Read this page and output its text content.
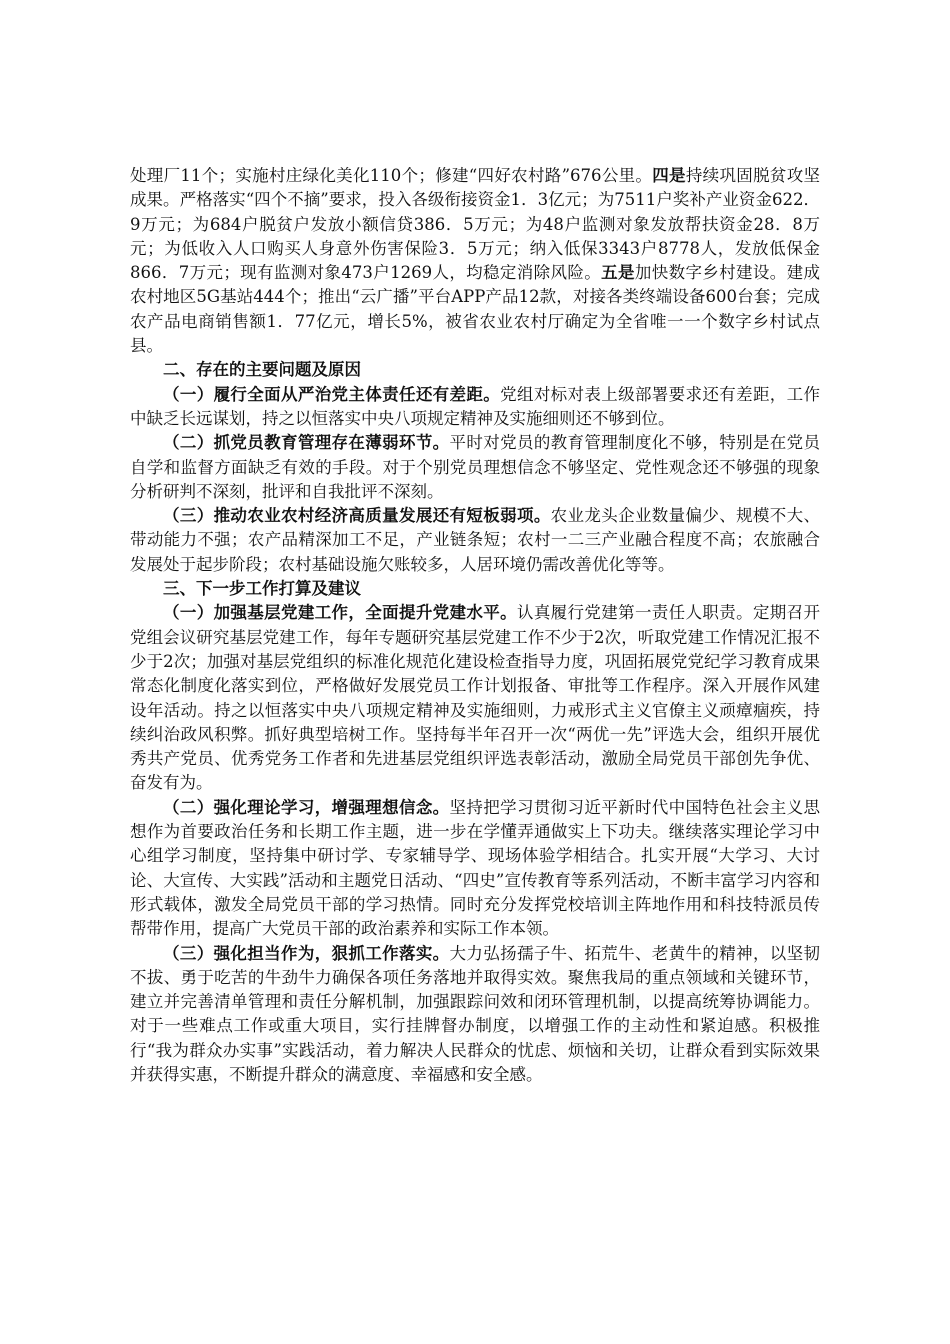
处理厂11个；实施村庄绿化美化110个；修建“四好农村路”676公里。四是持续巩固脱贫攻坚成果。严格落实“四个不摘”要求，投入各级衔接资金1．3亿元；为7511户奖补产业资金622．9万元；为684户脱贫户发放小额信贷386．5万元；为48户监测对象发放帮扶资金28．8万元；为低收入人口购买人身意外伤害保险3．5万元；纳入低保3343户8778人，发放低保金866．7万元；现有监测对象473户1269人，均稳定消除风险。五是加快数字乡村建设。建成农村地区5G基站444个；推出“云广播”平台APP产品12款，对接各类终端设备600台套；完成农产品电商销售额1．77亿元，增长5%，被省农业农村厅确定为全省唯一一个数字乡村试点县。

二、存在的主要问题及原因

（一）履行全面从严治党主体责任还有差距。党组对标对表上级部署要求还有差距，工作中缺乏长远谋划，持之以恒落实中央八项规定精神及实施细则还不够到位。

（二）抓党员教育管理存在薄弱环节。平时对党员的教育管理制度化不够，特别是在党员自学和监督方面缺乏有效的手段。对于个别党员理想信念不够坚定、党性观念还不够强的现象分析研判不深刻，批评和自我批评不深刻。

（三）推动农业农村经济高质量发展还有短板弱项。农业龙头企业数量偏少、规模不大、带动能力不强；农产品精深加工不足，产业链条短；农村一二三产业融合程度不高；农旅融合发展处于起步阶段；农村基础设施欠账较多，人居环境仍需改善优化等等。

三、下一步工作打算及建议

（一）加强基层党建工作，全面提升党建水平。认真履行党建第一责任人职责。定期召开党组会议研究基层党建工作，每年专题研究基层党建工作不少于2次，听取党建工作情况汇报不少于2次；加强对基层党组织的标准化规范化建设检查指导力度，巩固拓展党党纪学习教育成果常态化制度化落实到位，严格做好发展党员工作计划报备、审批等工作程序。深入开展作风建设年活动。持之以恒落实中央八项规定精神及实施细则，力戒形式主义官僚主义顽瘴痼疾，持续纠治政风积弊。抓好典型培树工作。坚持每半年召开一次“两优一先”评选大会，组织开展优秀共产党员、优秀党务工作者和先进基层党组织评选表彰活动，激励全局党员干部创先争优、奋发有为。

（二）强化理论学习，增强理想信念。坚持把学习贯彻习近平新时代中国特色社会主义思想作为首要政治任务和长期工作主题，进一步在学懂弄通做实上下功夫。继续落实理论学习中心组学习制度，坚持集中研讨学、专家辅导学、现场体验学相结合。扎实开展“大学习、大讨论、大宣传、大实践”活动和主题党日活动、“四史”宣传教育等系列活动，不断丰富学习内容和形式载体，激发全局党员干部的学习热情。同时充分发挥党校培训主阵地作用和科技特派员传帮带作用，提高广大党员干部的政治素养和实际工作本领。

（三）强化担当作为，狠抓工作落实。大力弘扬孺子牛、拓荒牛、老黄牛的精神，以坚韧不拔、勇于吃苦的牛劲牛力确保各项任务落地并取得实效。聚焦我局的重点领域和关键环节，建立并完善清单管理和责任分解机制，加强跟踪问效和闭环管理机制，以提高统筹协调能力。对于一些难点工作或重大项目，实行挂牌督办制度，以增强工作的主动性和紧迫感。积极推行“我为群众办实事”实践活动，着力解决人民群众的忧虑、烦恼和关切，让群众看到实际效果并获得实惠，不断提升群众的满意度、幸福感和安全感。
